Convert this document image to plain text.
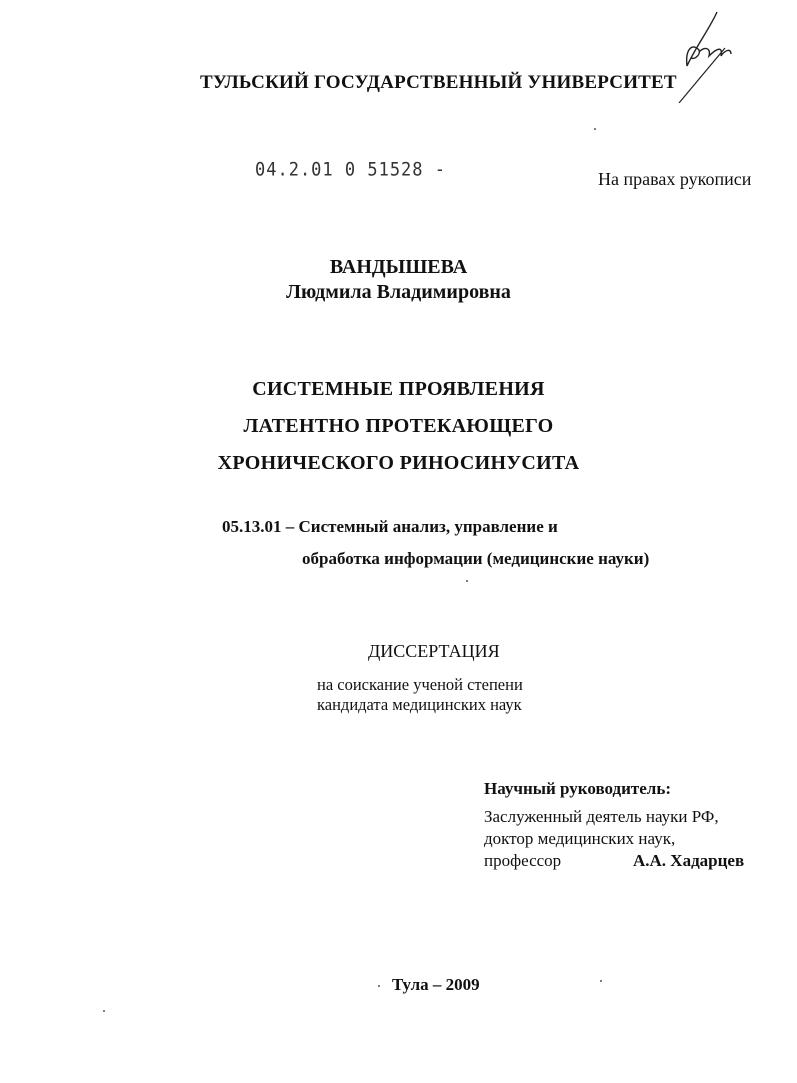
ТУЛЬСКИЙ ГОСУДАРСТВЕННЫЙ УНИВЕРСИТЕТ
04.2.01 0 51528 -	На правах рукописи
ВАНДЫШЕВА
Людмила Владимировна
СИСТЕМНЫЕ ПРОЯВЛЕНИЯ
ЛАТЕНТНО ПРОТЕКАЮЩЕГО
ХРОНИЧЕСКОГО РИНОСИНУСИТА
05.13.01 – Системный анализ, управление и
обработка информации (медицинские науки)
ДИССЕРТАЦИЯ
на соискание ученой степени
кандидата медицинских наук
Научный руководитель:
Заслуженный деятель науки РФ,
доктор медицинских наук,
профессор	А.А. Хадарцев
Тула – 2009
